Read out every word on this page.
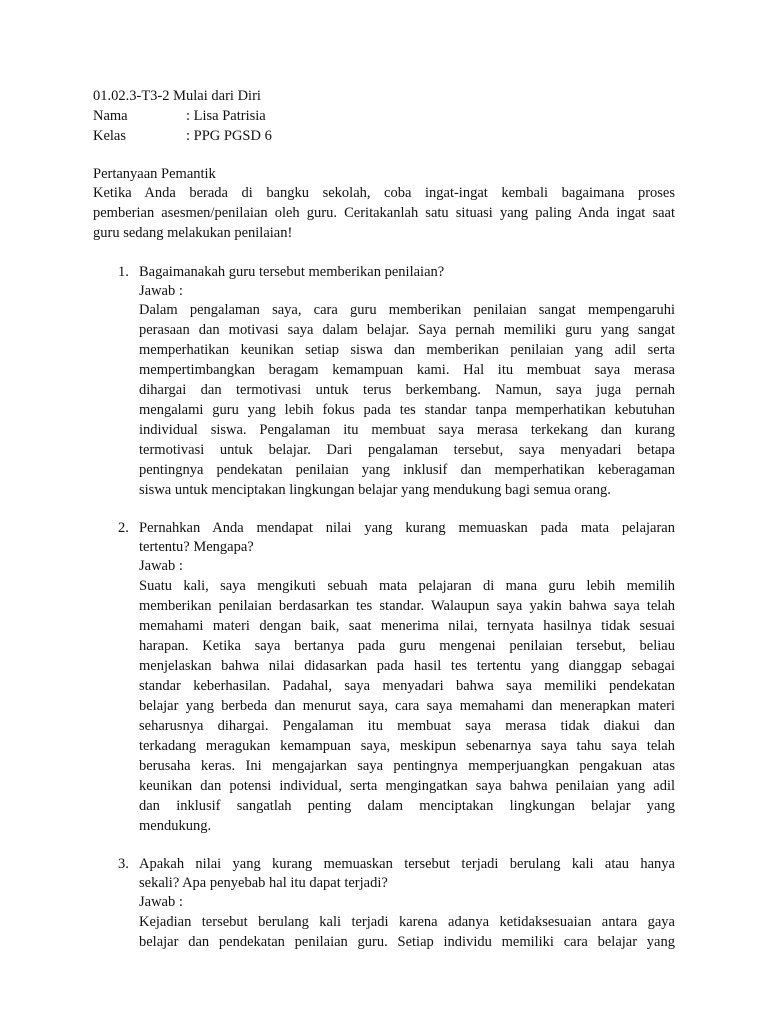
01.02.3-T3-2 Mulai dari Diri
Nama	: Lisa Patrisia
Kelas	: PPG PGSD 6
Pertanyaan Pemantik
Ketika Anda berada di bangku sekolah, coba ingat-ingat kembali bagaimana proses
pemberian asesmen/penilaian oleh guru. Ceritakanlah satu situasi yang paling Anda ingat saat
guru sedang melakukan penilaian!
1. Bagaimanakah guru tersebut memberikan penilaian?
Jawab :
Dalam pengalaman saya, cara guru memberikan penilaian sangat mempengaruhi
perasaan dan motivasi saya dalam belajar. Saya pernah memiliki guru yang sangat
memperhatikan keunikan setiap siswa dan memberikan penilaian yang adil serta
mempertimbangkan beragam kemampuan kami. Hal itu membuat saya merasa
dihargai dan termotivasi untuk terus berkembang. Namun, saya juga pernah
mengalami guru yang lebih fokus pada tes standar tanpa memperhatikan kebutuhan
individual siswa. Pengalaman itu membuat saya merasa terkekang dan kurang
termotivasi untuk belajar. Dari pengalaman tersebut, saya menyadari betapa
pentingnya pendekatan penilaian yang inklusif dan memperhatikan keberagaman
siswa untuk menciptakan lingkungan belajar yang mendukung bagi semua orang.
2. Pernahkan Anda mendapat nilai yang kurang memuaskan pada mata pelajaran
tertentu? Mengapa?
Jawab :
Suatu kali, saya mengikuti sebuah mata pelajaran di mana guru lebih memilih
memberikan penilaian berdasarkan tes standar. Walaupun saya yakin bahwa saya telah
memahami materi dengan baik, saat menerima nilai, ternyata hasilnya tidak sesuai
harapan. Ketika saya bertanya pada guru mengenai penilaian tersebut, beliau
menjelaskan bahwa nilai didasarkan pada hasil tes tertentu yang dianggap sebagai
standar keberhasilan. Padahal, saya menyadari bahwa saya memiliki pendekatan
belajar yang berbeda dan menurut saya, cara saya memahami dan menerapkan materi
seharusnya dihargai. Pengalaman itu membuat saya merasa tidak diakui dan
terkadang meragukan kemampuan saya, meskipun sebenarnya saya tahu saya telah
berusaha keras. Ini mengajarkan saya pentingnya memperjuangkan pengakuan atas
keunikan dan potensi individual, serta mengingatkan saya bahwa penilaian yang adil
dan inklusif sangatlah penting dalam menciptakan lingkungan belajar yang
mendukung.
3. Apakah nilai yang kurang memuaskan tersebut terjadi berulang kali atau hanya
sekali? Apa penyebab hal itu dapat terjadi?
Jawab :
Kejadian tersebut berulang kali terjadi karena adanya ketidaksesuaian antara gaya
belajar dan pendekatan penilaian guru. Setiap individu memiliki cara belajar yang
